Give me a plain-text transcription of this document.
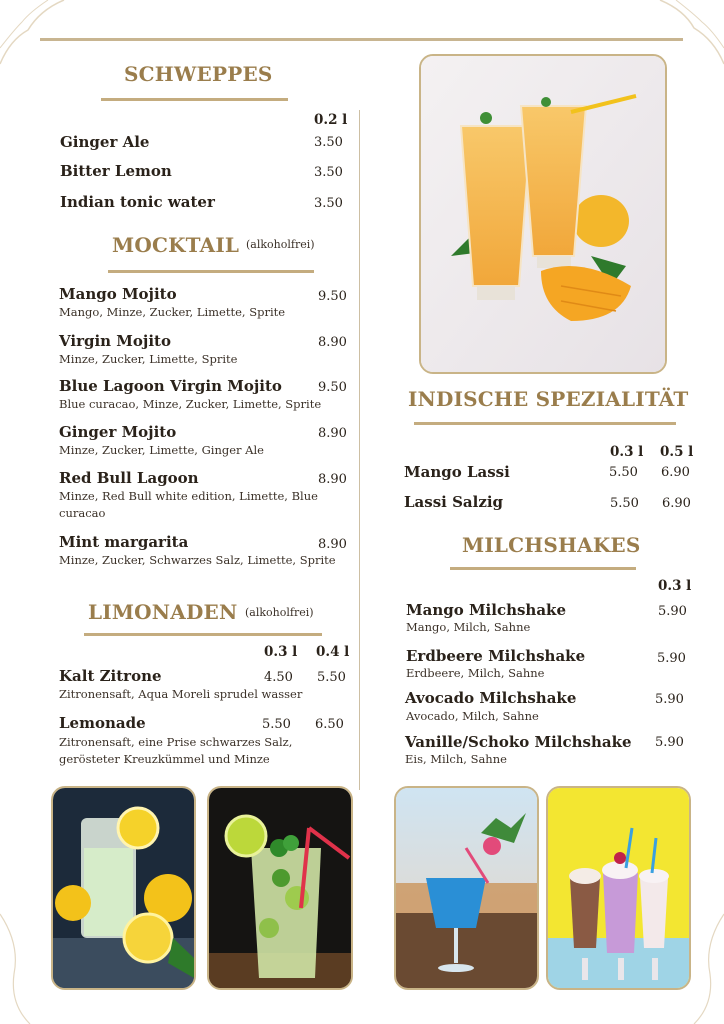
SCHWEPPES
0.2 l
Ginger Ale	3.50
Bitter Lemon	3.50
Indian tonic water	3.50
MOCKTAIL (alkoholfrei)
Mango Mojito
Mango, Minze, Zucker, Limette, Sprite
9.50
Virgin Mojito
Minze, Zucker, Limette, Sprite
8.90
Blue Lagoon Virgin Mojito
Blue curacao, Minze, Zucker, Limette, Sprite
9.50
Ginger Mojito
Minze, Zucker, Limette, Ginger Ale
8.90
Red Bull Lagoon
Minze, Red Bull white edition, Limette, Blue curacao
8.90
Mint margarita
Minze, Zucker, Schwarzes Salz, Limette, Sprite
8.90
LIMONADEN (alkoholfrei)
0.3 l 0.4 l
Kalt Zitrone
Zitronensaft, Aqua Moreli sprudel wasser
4.50 5.50
Lemonade
Zitronensaft, eine Prise schwarzes Salz, gerösteter Kreuzkümmel und Minze
5.50 6.50
INDISCHE SPEZIALITÄT
0.3 l 0.5 l
Mango Lassi	5.50 6.90
Lassi Salzig	5.50 6.90
MILCHSHAKES
0.3 l
Mango Milchshake
Mango, Milch, Sahne
5.90
Erdbeere Milchshake
Erdbeere, Milch, Sahne
5.90
Avocado Milchshake
Avocado, Milch, Sahne
5.90
Vanille/Schoko Milchshake
Eis, Milch, Sahne
5.90
